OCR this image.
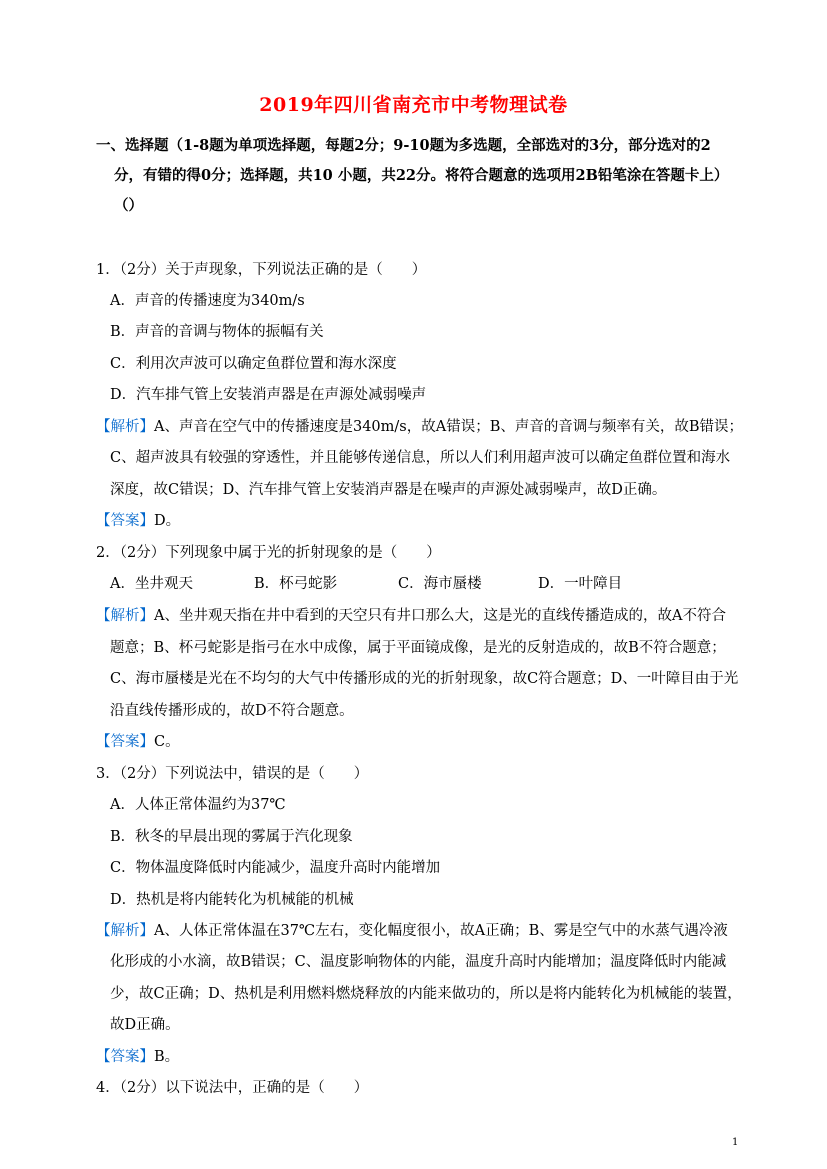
2019年四川省南充市中考物理试卷
一、选择题（1-8题为单项选择题，每题2分；9-10题为多选题，全部选对的3分，部分选对的2
分，有错的得0分；选择题，共10 小题，共22分。将符合题意的选项用2B铅笔涂在答题卡上）
（）
1．（2分）关于声现象，下列说法正确的是（　　）
A．声音的传播速度为340m/s
B．声音的音调与物体的振幅有关
C．利用次声波可以确定鱼群位置和海水深度
D．汽车排气管上安装消声器是在声源处减弱噪声
【解析】A、声音在空气中的传播速度是340m/s，故A错误；B、声音的音调与频率有关，故B错误；
C、超声波具有较强的穿透性，并且能够传递信息，所以人们利用超声波可以确定鱼群位置和海水
深度，故C错误；D、汽车排气管上安装消声器是在噪声的声源处减弱噪声，故D正确。
【答案】D。
2．（2分）下列现象中属于光的折射现象的是（　　）
A．坐井观天	B．杯弓蛇影	C．海市蜃楼	D．一叶障目
【解析】A、坐井观天指在井中看到的天空只有井口那么大，这是光的直线传播造成的，故A不符合
题意；B、杯弓蛇影是指弓在水中成像，属于平面镜成像，是光的反射造成的，故B不符合题意；
C、海市蜃楼是光在不均匀的大气中传播形成的光的折射现象，故C符合题意；D、一叶障目由于光
沿直线传播形成的，故D不符合题意。
【答案】C。
3．（2分）下列说法中，错误的是（　　）
A．人体正常体温约为37℃
B．秋冬的早晨出现的雾属于汽化现象
C．物体温度降低时内能减少，温度升高时内能增加
D．热机是将内能转化为机械能的机械
【解析】A、人体正常体温在37℃左右，变化幅度很小，故A正确；B、雾是空气中的水蒸气遇冷液
化形成的小水滴，故B错误；C、温度影响物体的内能，温度升高时内能增加；温度降低时内能减
少，故C正确；D、热机是利用燃料燃烧释放的内能来做功的，所以是将内能转化为机械能的装置，
故D正确。
【答案】B。
4．（2分）以下说法中，正确的是（　　）
1
